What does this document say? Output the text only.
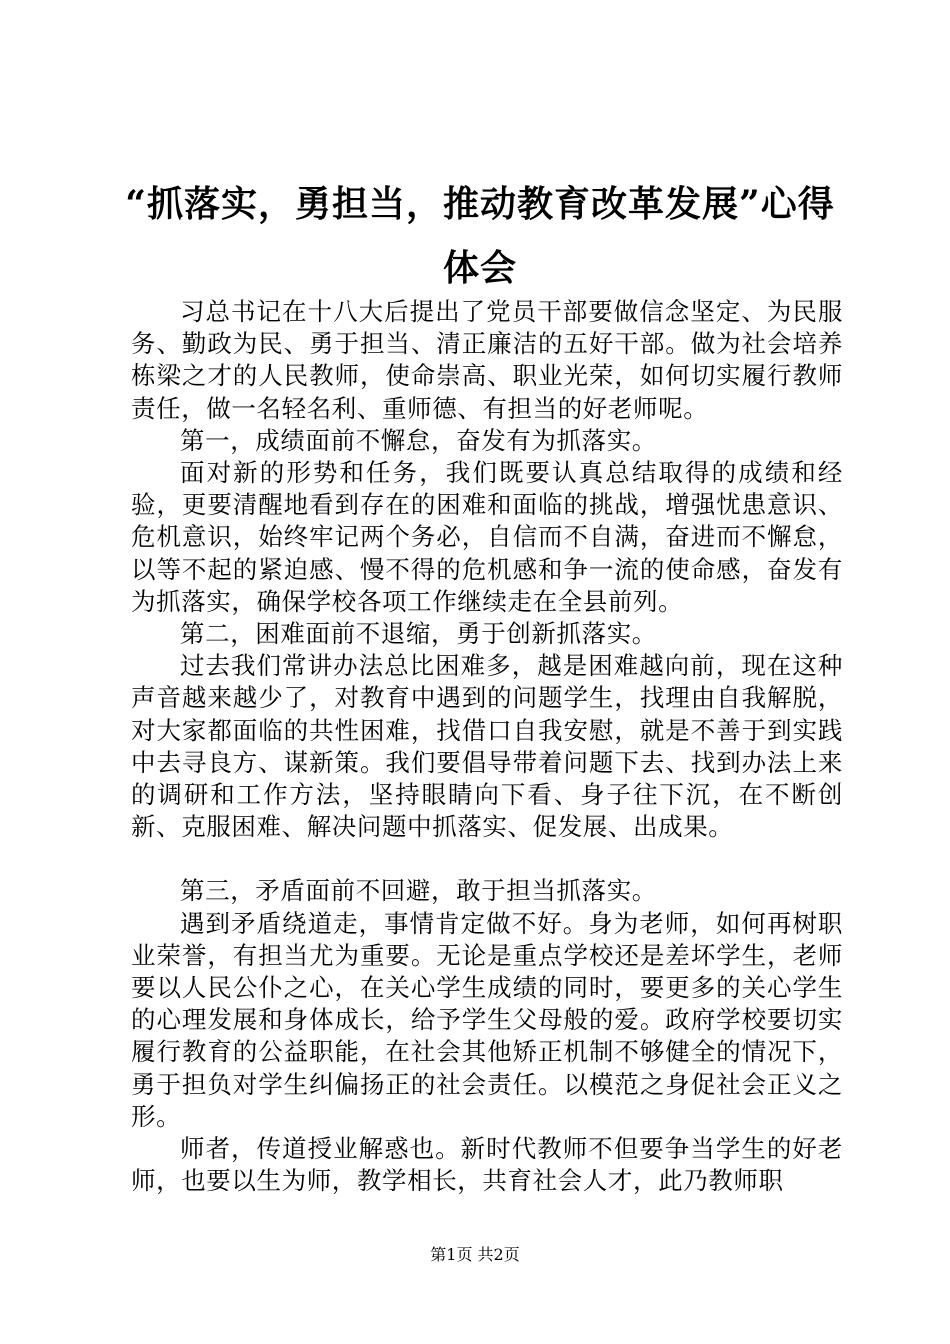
“抓落实，勇担当，推动教育改革发展”心得体会

习总书记在十八大后提出了党员干部要做信念坚定、为民服务、勤政为民、勇于担当、清正廉洁的五好干部。做为社会培养栋梁之才的人民教师，使命崇高、职业光荣，如何切实履行教师责任，做一名轻名利、重师德、有担当的好老师呢。

第一，成绩面前不懈怠，奋发有为抓落实。

面对新的形势和任务，我们既要认真总结取得的成绩和经验，更要清醒地看到存在的困难和面临的挑战，增强忧患意识、危机意识，始终牢记两个务必，自信而不自满，奋进而不懈怠，以等不起的紧迫感、慢不得的危机感和争一流的使命感，奋发有为抓落实，确保学校各项工作继续走在全县前列。

第二，困难面前不退缩，勇于创新抓落实。

过去我们常讲办法总比困难多，越是困难越向前，现在这种声音越来越少了，对教育中遇到的问题学生，找理由自我解脱，对大家都面临的共性困难，找借口自我安慰，就是不善于到实践中去寻良方、谋新策。我们要倡导带着问题下去、找到办法上来的调研和工作方法，坚持眼睛向下看、身子往下沉，在不断创新、克服困难、解决问题中抓落实、促发展、出成果。

第三，矛盾面前不回避，敢于担当抓落实。

遇到矛盾绕道走，事情肯定做不好。身为老师，如何再树职业荣誉，有担当尤为重要。无论是重点学校还是差坏学生，老师要以人民公仆之心，在关心学生成绩的同时，要更多的关心学生的心理发展和身体成长，给予学生父母般的爱。政府学校要切实履行教育的公益职能，在社会其他矫正机制不够健全的情况下，勇于担负对学生纠偏扬正的社会责任。以模范之身促社会正义之形。

师者，传道授业解惑也。新时代教师不但要争当学生的好老师，也要以生为师，教学相长，共育社会人才，此乃教师职

第1页 共2页
